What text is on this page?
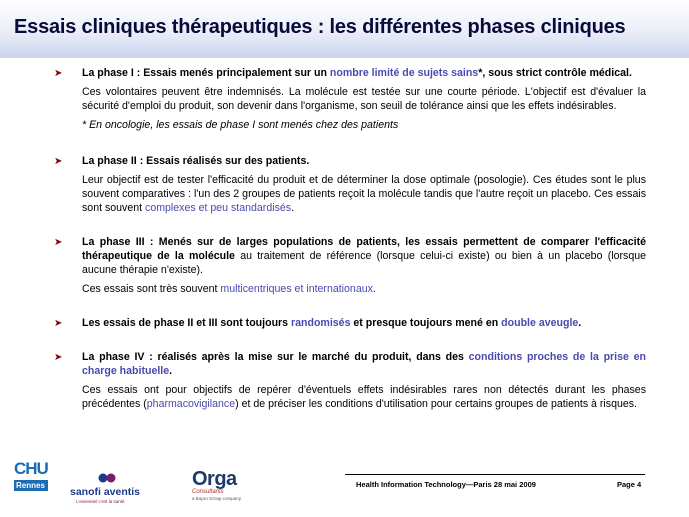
Essais cliniques thérapeutiques : les différentes phases cliniques
➤ La phase I : Essais menés principalement sur un nombre limité de sujets sains*, sous strict contrôle médical.
Ces volontaires peuvent être indemnisés. La molécule est testée sur une courte période. L'objectif est d'évaluer la sécurité d'emploi du produit, son devenir dans l'organisme, son seuil de tolérance ainsi que les effets indésirables.
* En oncologie, les essais de phase I sont menés chez des patients
➤ La phase II : Essais réalisés sur des patients.
Leur objectif est de tester l'efficacité du produit et de déterminer la dose optimale (posologie). Ces études sont le plus souvent comparatives : l'un des 2 groupes de patients reçoit la molécule tandis que l'autre reçoit un placebo. Ces essais sont souvent complexes et peu standardisés.
➤ La phase III : Menés sur de larges populations de patients, les essais permettent de comparer l'efficacité thérapeutique de la molécule au traitement de référence (lorsque celui-ci existe) ou bien à un placebo (lorsque aucune thérapie n'existe).
Ces essais sont très souvent multicentriques et internationaux.
➤ Les essais de phase II et III sont toujours randomisés et presque toujours mené en double aveugle.
➤ La phase IV : réalisés après la mise sur le marché du produit, dans des conditions proches de la prise en charge habituelle.
Ces essais ont pour objectifs de repérer d'éventuels effets indésirables rares non détectés durant les phases précédentes (pharmacovigilance) et de préciser les conditions d'utilisation pour certains groupes de patients à risques.
CHU
Rennes
sanofi aventis
L'essentiel c'est la santé
Orga
Consultants
a Bopro Group company
Health Information Technology—Paris 28 mai 2009	Page 4
